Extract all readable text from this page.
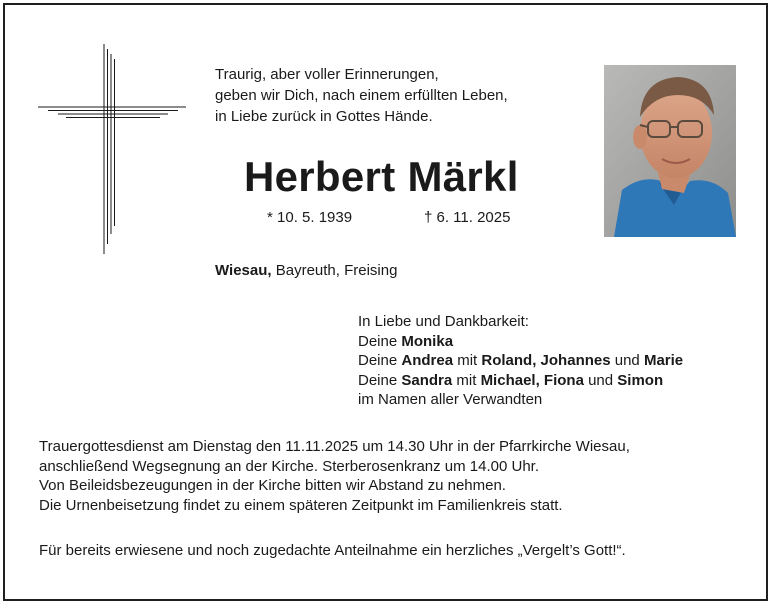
Traurig, aber voller Erinnerungen,
geben wir Dich, nach einem erfüllten Leben,
in Liebe zurück in Gottes Hände.
Herbert Märkl
* 10. 5. 1939	† 6. 11. 2025
Wiesau, Bayreuth, Freising
In Liebe und Dankbarkeit:
Deine Monika
Deine Andrea mit Roland, Johannes und Marie
Deine Sandra mit Michael, Fiona und Simon
im Namen aller Verwandten
Trauergottesdienst am Dienstag den 11.11.2025 um 14.30 Uhr in der Pfarrkirche Wiesau,
anschließend Wegsegnung an der Kirche. Sterberosenkranz um 14.00 Uhr.
Von Beileidsbezeugungen in der Kirche bitten wir Abstand zu nehmen.
Die Urnenbeisetzung findet zu einem späteren Zeitpunkt im Familienkreis statt.
Für bereits erwiesene und noch zugedachte Anteilnahme ein herzliches „Vergelt’s Gott!“.
